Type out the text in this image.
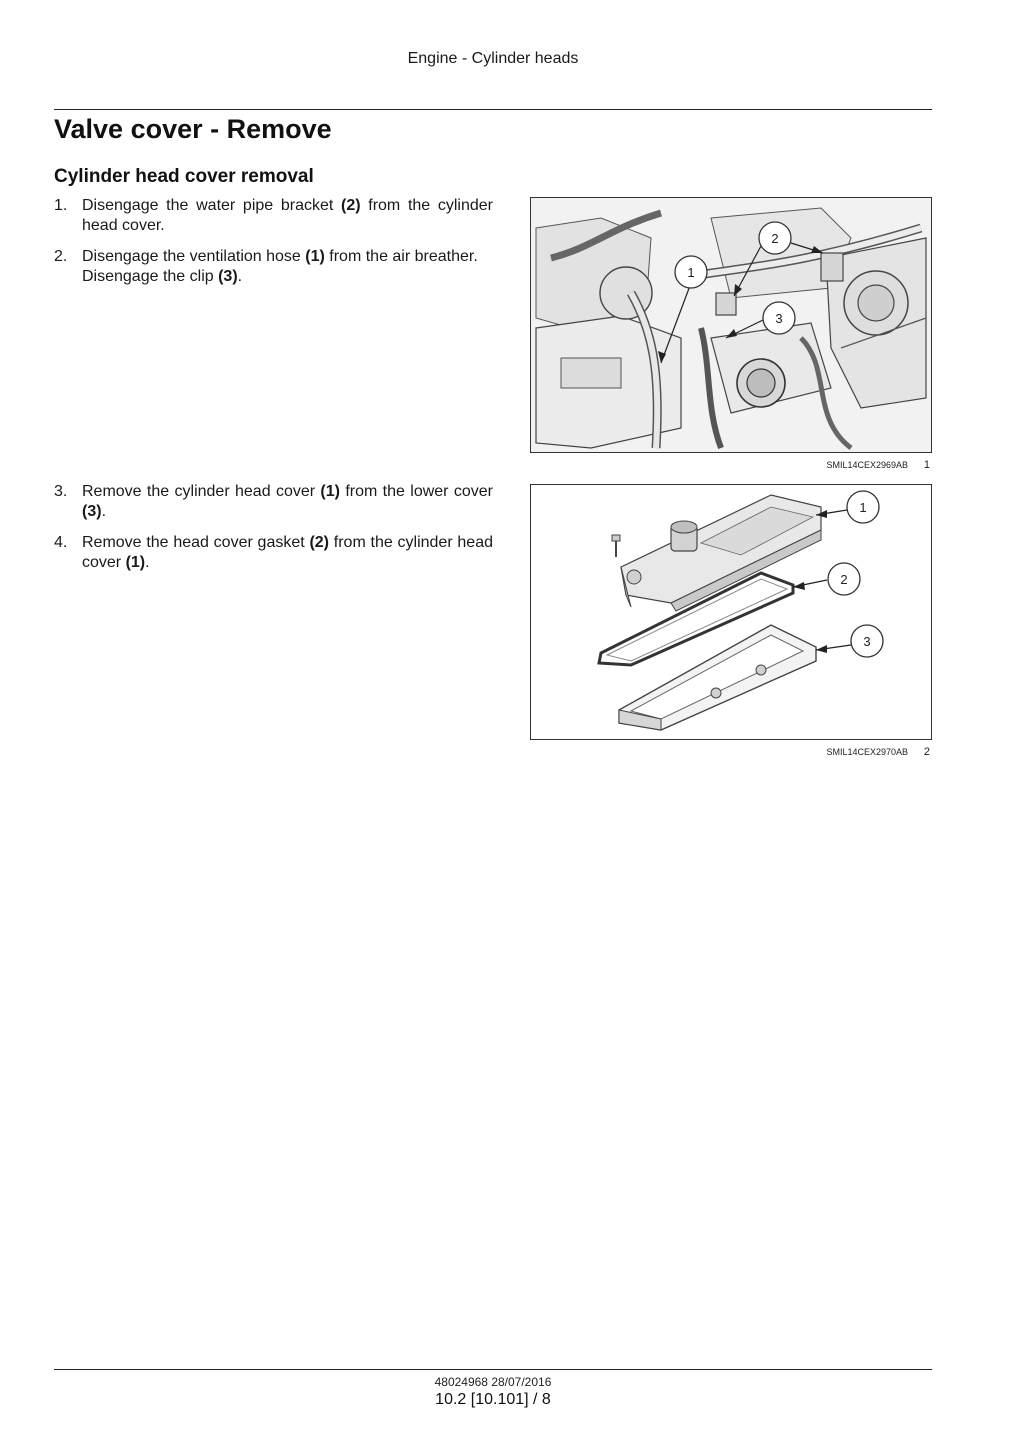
Engine - Cylinder heads
Valve cover - Remove
Cylinder head cover removal
1. Disengage the water pipe bracket (2) from the cylinder head cover.
2. Disengage the ventilation hose (1) from the air breather.
Disengage the clip (3).
3. Remove the cylinder head cover (1) from the lower cover (3).
4. Remove the head cover gasket (2) from the cylinder head cover (1).
1
2
3
SMIL14CEX2969AB 1
1
2
3
SMIL14CEX2970AB 2
48024968 28/07/2016
10.2 [10.101] / 8
